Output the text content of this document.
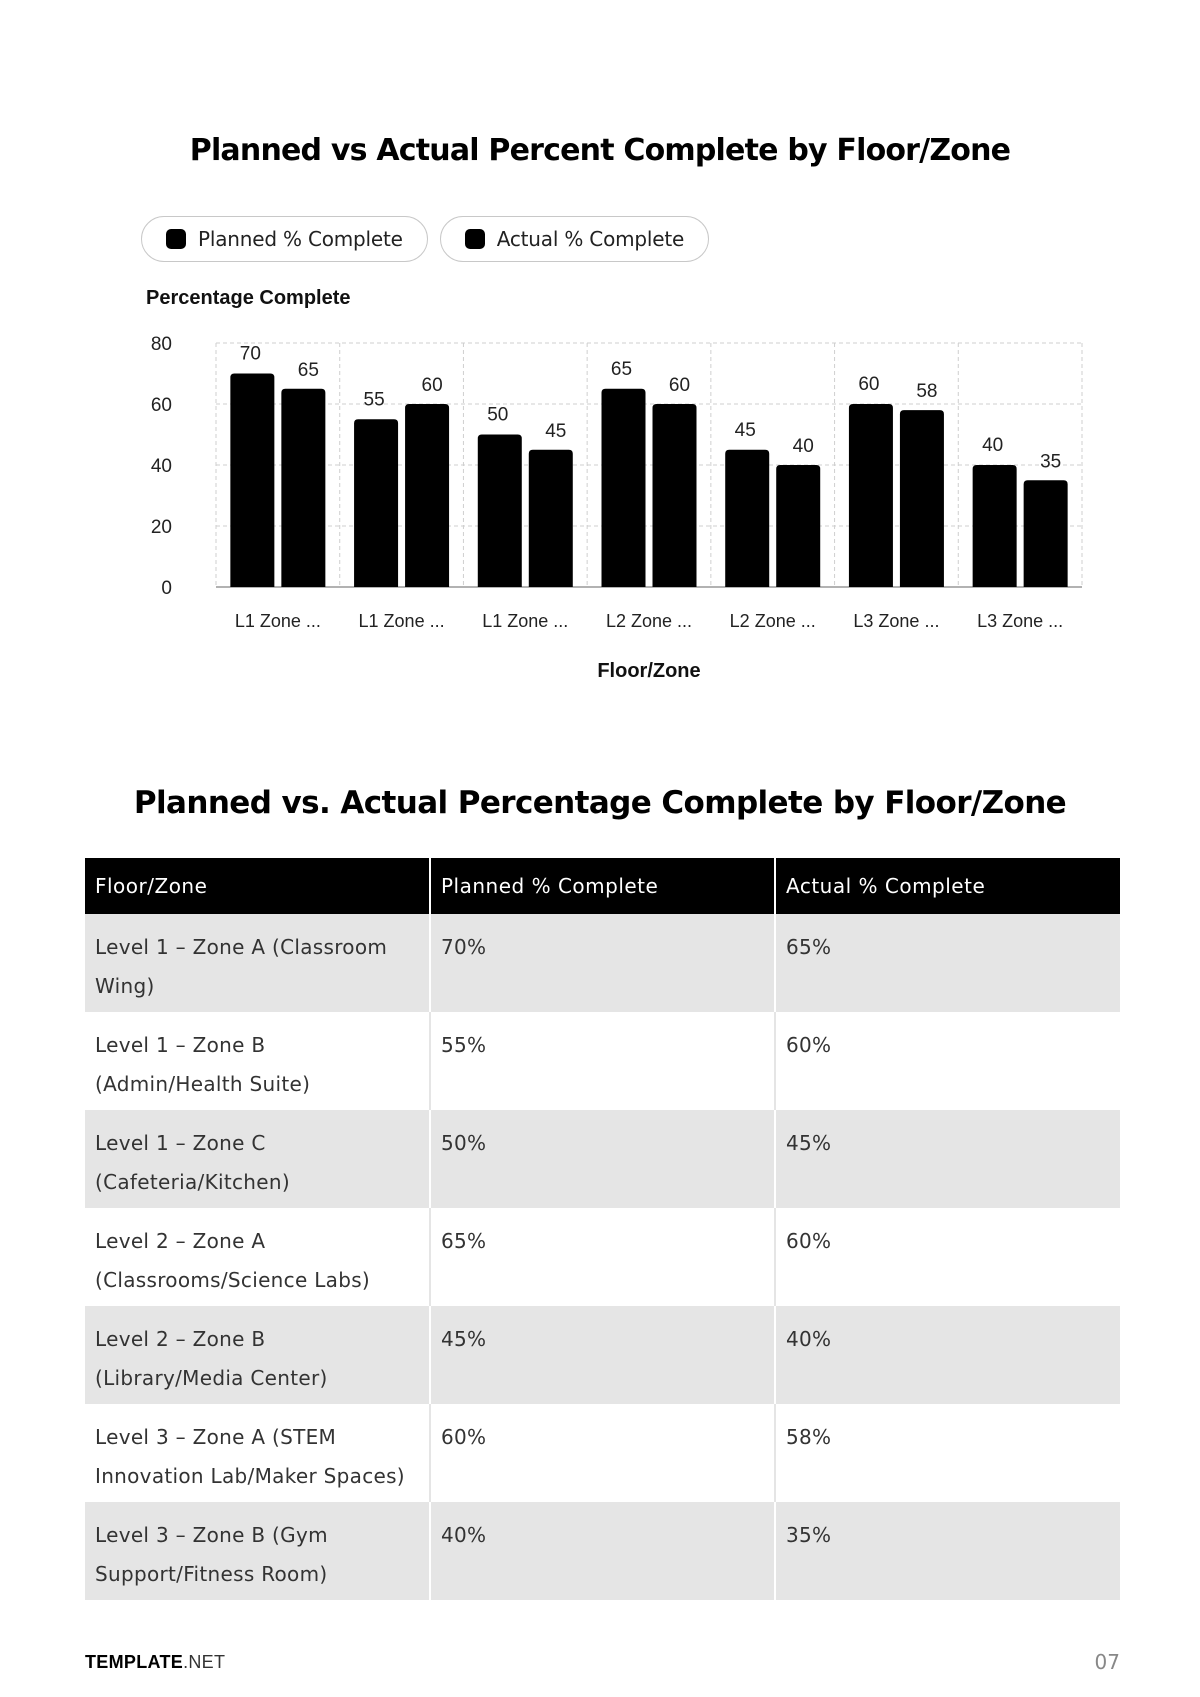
Planned vs Actual Percent Complete by Floor/Zone
Planned % Complete	Actual % Complete
Percentage Complete
0
20
40
60
80	70
65
L1 Zone ...
55
60
L1 Zone ...
50
45
L1 Zone ...
65
60
L2 Zone ...
45
40
L2 Zone ...
60 58
L3 Zone ...
40
35
L3 Zone ...
Floor/Zone
Planned vs. Actual Percentage Complete by Floor/Zone
Floor/Zone	Planned % Complete	Actual % Complete
Level 1 – Zone A (Classroom Wing)	70%	65%
Level 1 – Zone B (Admin/Health Suite)	55%	60%
Level 1 – Zone C (Cafeteria/Kitchen)	50%	45%
Level 2 – Zone A (Classrooms/Science Labs)	65%	60%
Level 2 – Zone B (Library/Media Center)	45%	40%
Level 3 – Zone A (STEM Innovation Lab/Maker Spaces)	60%	58%
Level 3 – Zone B (Gym Support/Fitness Room)	40%	35%
TEMPLATE.NET	07
